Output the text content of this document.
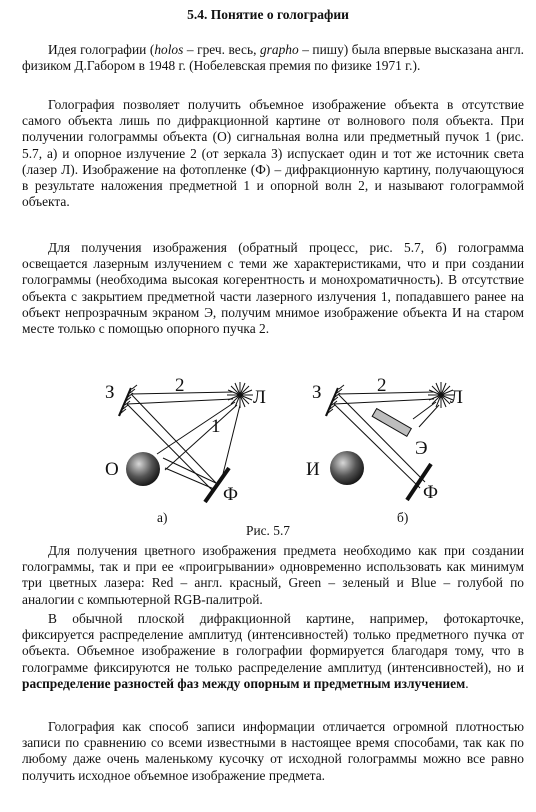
5.4. Понятие о голографии

Идея голографии (holos – греч. весь, grapho – пишу) была впервые высказана англ. физиком Д.Габором в 1948 г. (Нобелевская премия по физике 1971 г.).

Голография позволяет получить объемное изображение объекта в отсутствие самого объекта лишь по дифракционной картине от волнового поля объекта. При получении голограммы объекта (О) сигнальная волна или предметный пучок 1 (рис. 5.7, а) и опорное излучение 2 (от зеркала З) испускает один и тот же источник света (лазер Л). Изображение на фотопленке (Ф) – дифракционную картину, получающуюся в результате наложения предметной 1 и опорной волн 2, и называют голограммой объекта.

Для получения изображения (обратный процесс, рис. 5.7, б) голограмма освещается лазерным излучением с теми же характеристиками, что и при создании голограммы (необходима высокая когерентность и монохроматичность). В отсутствие объекта с закрытием предметной части лазерного излучения 1, попадавшего ранее на объект непрозрачным экраном Э, получим мнимое изображение объекта И на старом месте только с помощью опорного пучка 2.

З	2
Л
1
О
Ф
а)
З	2
Л
Э
И
Ф
б)
Рис. 5.7

Для получения цветного изображения предмета необходимо как при создании голограммы, так и при ее «проигрывании» одновременно использовать как минимум три цветных лазера: Red – англ. красный, Green – зеленый и Blue – голубой по аналогии с компьютерной RGB-палитрой.

В обычной плоской дифракционной картине, например, фотокарточке, фиксируется распределение амплитуд (интенсивностей) только предметного пучка от объекта. Объемное изображение в голографии формируется благодаря тому, что в голограмме фиксируются не только распределение амплитуд (интенсивностей), но и распределение разностей фаз между опорным и предметным излучением.

Голография как способ записи информации отличается огромной плотностью записи по сравнению со всеми известными в настоящее время способами, так как по любому даже очень маленькому кусочку от исходной голограммы можно все равно получить исходное объемное изображение предмета.
